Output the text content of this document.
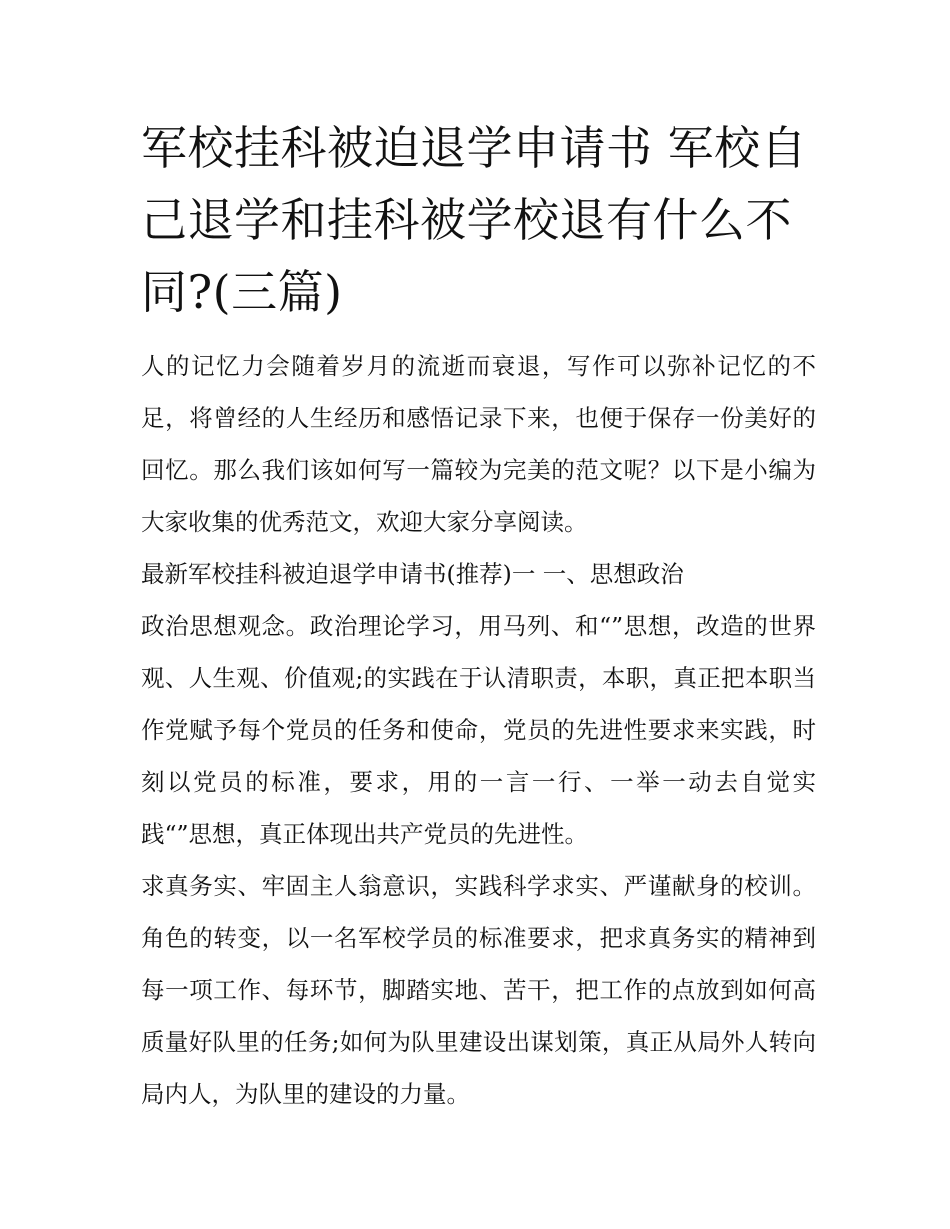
军校挂科被迫退学申请书 军校自己退学和挂科被学校退有什么不同?(三篇)

人的记忆力会随着岁月的流逝而衰退，写作可以弥补记忆的不足，将曾经的人生经历和感悟记录下来，也便于保存一份美好的回忆。那么我们该如何写一篇较为完美的范文呢？以下是小编为大家收集的优秀范文，欢迎大家分享阅读。

最新军校挂科被迫退学申请书(推荐)一 一、思想政治

政治思想观念。政治理论学习，用马列、和“”思想，改造的世界观、人生观、价值观;的实践在于认清职责，本职，真正把本职当作党赋予每个党员的任务和使命，党员的先进性要求来实践，时刻以党员的标准，要求，用的一言一行、一举一动去自觉实践“”思想，真正体现出共产党员的先进性。

求真务实、牢固主人翁意识，实践科学求实、严谨献身的校训。角色的转变，以一名军校学员的标准要求，把求真务实的精神到每一项工作、每环节，脚踏实地、苦干，把工作的点放到如何高质量好队里的任务;如何为队里建设出谋划策，真正从局外人转向局内人，为队里的建设的力量。
